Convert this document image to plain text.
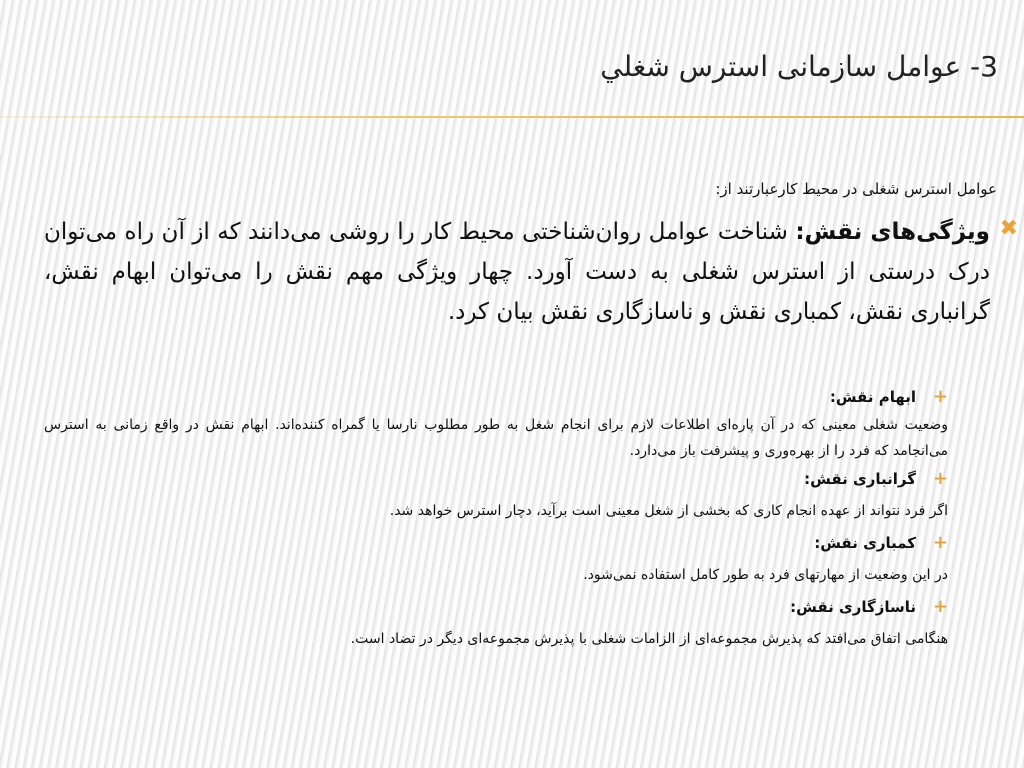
3- عوامل سازمانی استرس شغلي

عوامل استرس شغلی در محیط کارعبارتند از:

✖

ویژگی‌های نقش: شناخت عوامل روان‌شناختی محیط کار را روشی می‌دانند که از آن راه می‌توان درک درستی از استرس شغلی به دست آورد. چهار ویژگی مهم نقش را می‌توان ابهام نقش، گرانباری نقش، کمباری نقش و ناسازگاری نقش بیان کرد.

+
ابهام نقش:

وضعیت شغلی معینی که در آن پاره‌ای اطلاعات لازم برای انجام شغل به طور مطلوب نارسا یا گمراه کننده‌اند. ابهام نقش در واقع زمانی به استرس می‌انجامد که فرد را از بهره‌وری و پیشرفت باز می‌دارد.

+
گرانباری نقش:

اگر فرد نتواند از عهده انجام کاری که بخشی از شغل معینی است برآید، دچار استرس خواهد شد.

+
کمباری نقش:

در این وضعیت از مهارتهای فرد به طور کامل استفاده نمی‌شود.

+
ناسازگاری نقش:

هنگامی اتفاق می‌افتد که پذیرش مجموعه‌ای از الزامات شغلی با پذیرش مجموعه‌ای دیگر در تضاد است.
